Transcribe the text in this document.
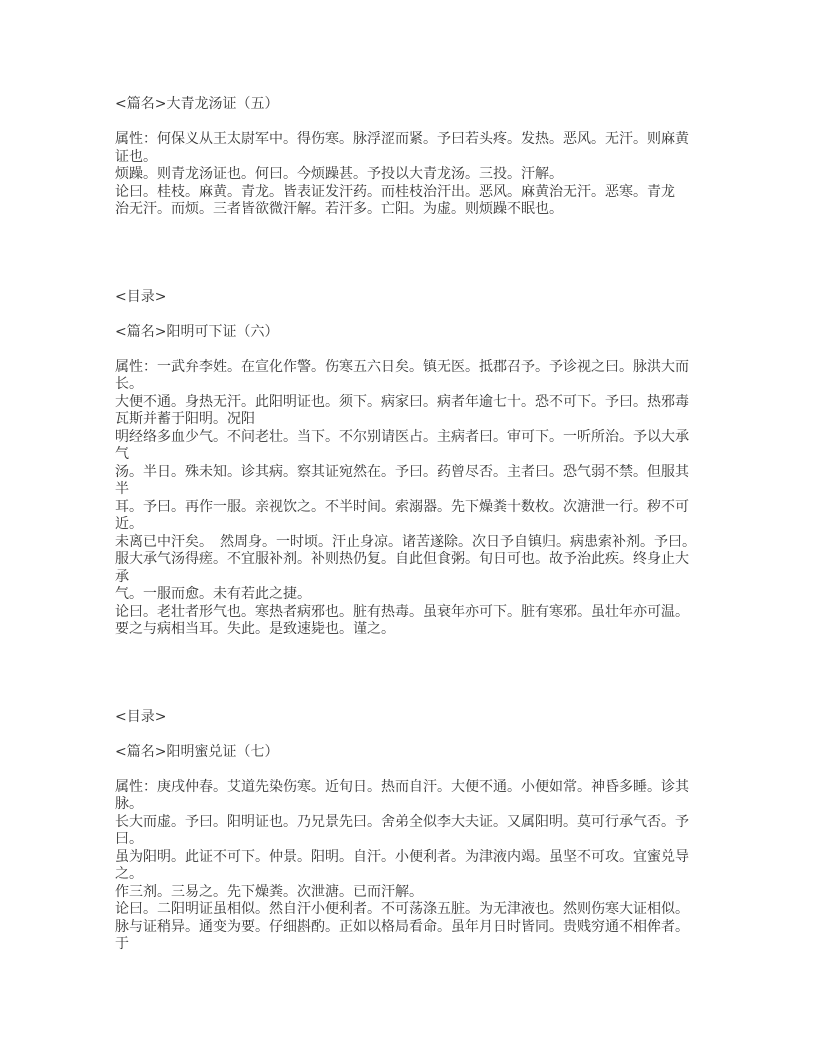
<篇名>大青龙汤证（五）
属性：何保义从王太尉军中。得伤寒。脉浮涩而紧。予曰若头疼。发热。恶风。无汗。则麻黄
证也。
烦躁。则青龙汤证也。何曰。今烦躁甚。予投以大青龙汤。三投。汗解。
论曰。桂枝。麻黄。青龙。皆表证发汗药。而桂枝治汗出。恶风。麻黄治无汗。恶寒。青龙
治无汗。而烦。三者皆欲微汗解。若汗多。亡阳。为虚。则烦躁不眠也。
<目录>
<篇名>阳明可下证（六）
属性：一武弁李姓。在宣化作警。伤寒五六日矣。镇无医。抵郡召予。予诊视之曰。脉洪大而
长。
大便不通。身热无汗。此阳明证也。须下。病家曰。病者年逾七十。恐不可下。予曰。热邪毒
瓦斯并蓄于阳明。况阳
明经络多血少气。不问老壮。当下。不尔别请医占。主病者曰。审可下。一听所治。予以大承
气
汤。半日。殊未知。诊其病。察其证宛然在。予曰。药曾尽否。主者曰。恐气弱不禁。但服其
半
耳。予曰。再作一服。亲视饮之。不半时间。索溺器。先下燥粪十数枚。次溏泄一行。秽不可
近。
未离已中汗矣。　然周身。一时顷。汗止身凉。诸苦遂除。次日予自镇归。病患索补剂。予曰。
服大承气汤得瘥。不宜服补剂。补则热仍复。自此但食粥。旬日可也。故予治此疾。终身止大
承
气。一服而愈。未有若此之捷。
论曰。老壮者形气也。寒热者病邪也。脏有热毒。虽衰年亦可下。脏有寒邪。虽壮年亦可温。
要之与病相当耳。失此。是致速毙也。谨之。
<目录>
<篇名>阳明蜜兑证（七）
属性：庚戌仲春。艾道先染伤寒。近旬日。热而自汗。大便不通。小便如常。神昏多睡。诊其
脉。
长大而虚。予曰。阳明证也。乃兄景先曰。舍弟全似李大夫证。又属阳明。莫可行承气否。予
曰。
虽为阳明。此证不可下。仲景。阳明。自汗。小便利者。为津液内竭。虽坚不可攻。宜蜜兑导
之。
作三剂。三易之。先下燥粪。次泄溏。已而汗解。
论曰。二阳明证虽相似。然自汗小便利者。不可荡涤五脏。为无津液也。然则伤寒大证相似。
脉与证稍异。通变为要。仔细斟酌。正如以格局看命。虽年月日时皆同。贵贱穷通不相侔者。
于
